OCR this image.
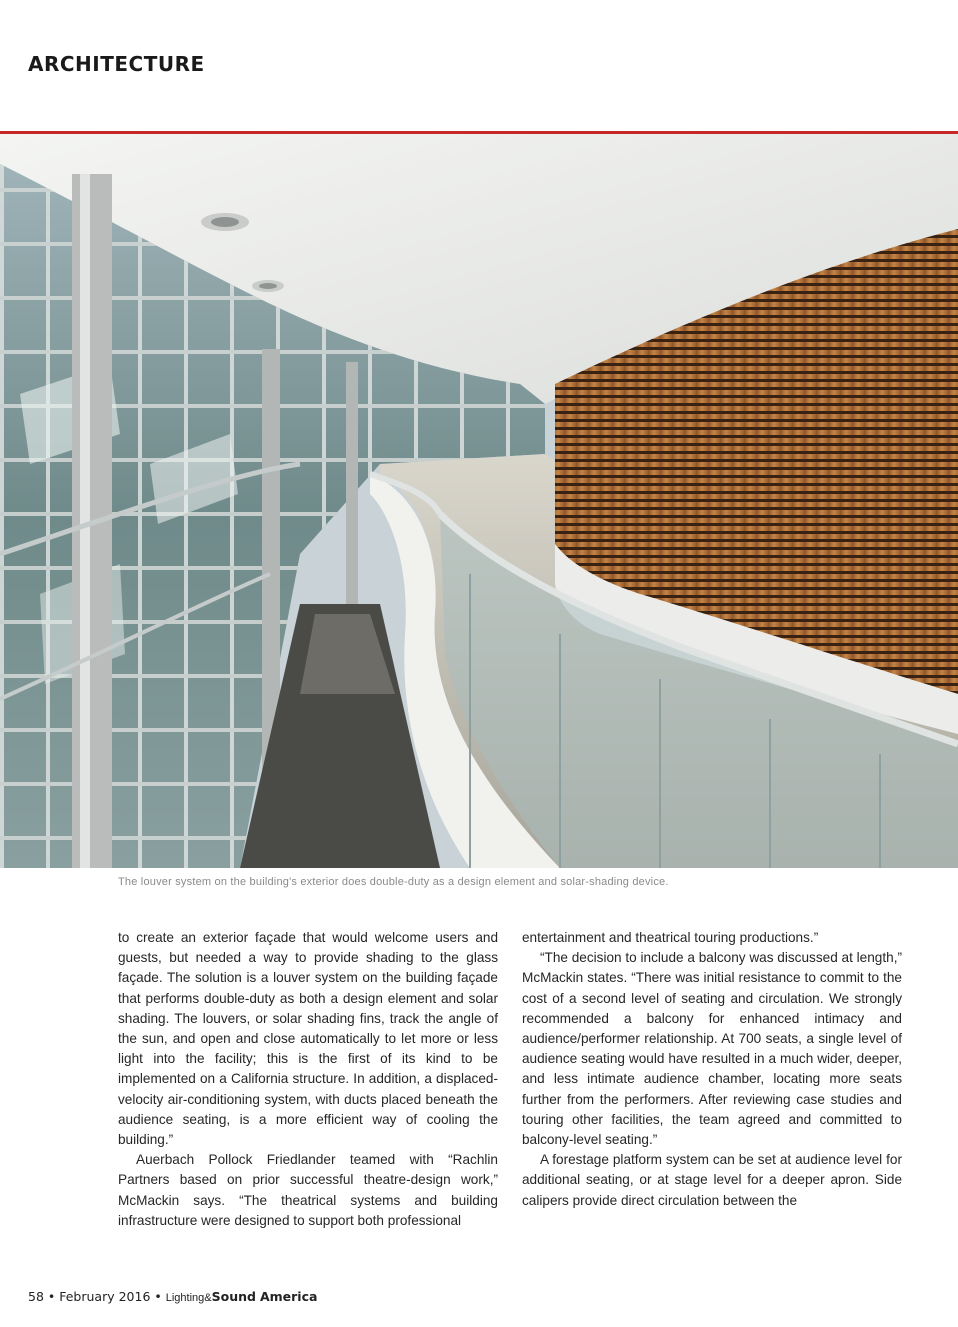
ARCHITECTURE
The louver system on the building's exterior does double-duty as a design element and solar-shading device.

to create an exterior façade that would welcome users and guests, but needed a way to provide shading to the glass façade. The solution is a louver system on the building façade that performs double-duty as both a design element and solar shading. The louvers, or solar shading fins, track the angle of the sun, and open and close automatically to let more or less light into the facility; this is the first of its kind to be implemented on a California structure. In addition, a displaced-velocity air-conditioning system, with ducts placed beneath the audience seating, is a more efficient way of cooling the building.”

Auerbach Pollock Friedlander teamed with “Rachlin Partners based on prior successful theatre-design work,” McMackin says. “The theatrical systems and building infrastructure were designed to support both professional

entertainment and theatrical touring productions.”

“The decision to include a balcony was discussed at length,” McMackin states. “There was initial resistance to commit to the cost of a second level of seating and circulation. We strongly recommended a balcony for enhanced intimacy and audience/performer relationship. At 700 seats, a single level of audience seating would have resulted in a much wider, deeper, and less intimate audience chamber, locating more seats further from the performers. After reviewing case studies and touring other facilities, the team agreed and committed to balcony-level seating.”

A forestage platform system can be set at audience level for additional seating, or at stage level for a deeper apron. Side calipers provide direct circulation between the

58 • February 2016 • Lighting&Sound America
